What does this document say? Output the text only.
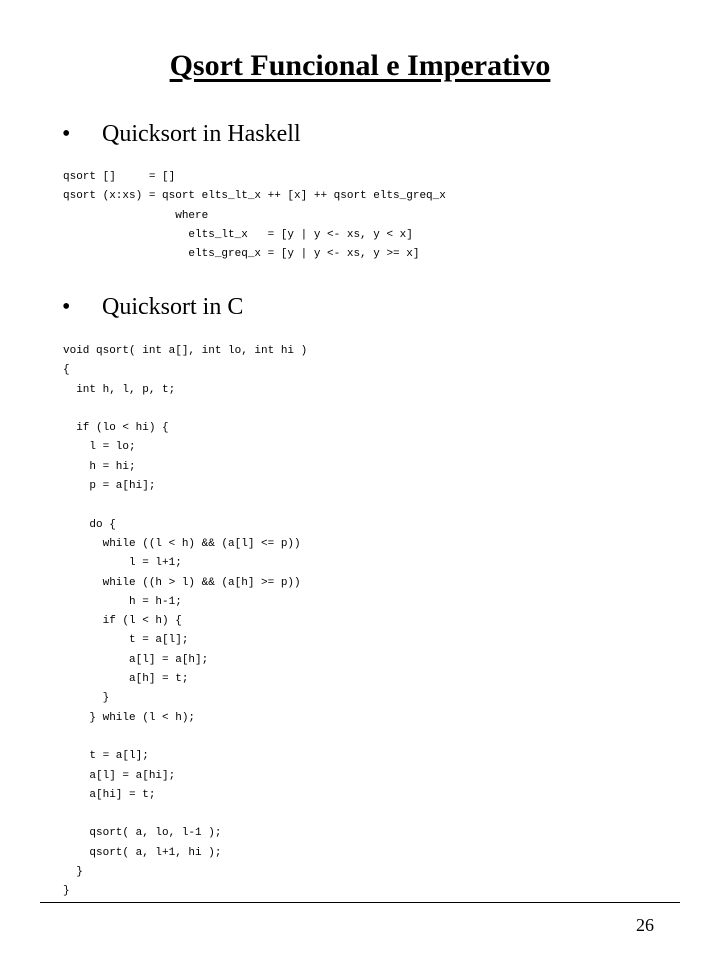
Qsort Funcional e Imperativo
• Quicksort in Haskell
qsort []     = []
qsort (x:xs) = qsort elts_lt_x ++ [x] ++ qsort elts_greq_x
where
elts_lt_x   = [y | y <- xs, y < x]
elts_greq_x = [y | y <- xs, y >= x]
• Quicksort in C
void qsort( int a[], int lo, int hi )
{
int h, l, p, t;
if (lo < hi) {
l = lo;
h = hi;
p = a[hi];
do {
while ((l < h) && (a[l] <= p))
l = l+1;
while ((h > l) && (a[h] >= p))
h = h-1;
if (l < h) {
t = a[l];
a[l] = a[h];
a[h] = t;
}
} while (l < h);
t = a[l];
a[l] = a[hi];
a[hi] = t;
qsort( a, lo, l-1 );
qsort( a, l+1, hi );
}
}
26
